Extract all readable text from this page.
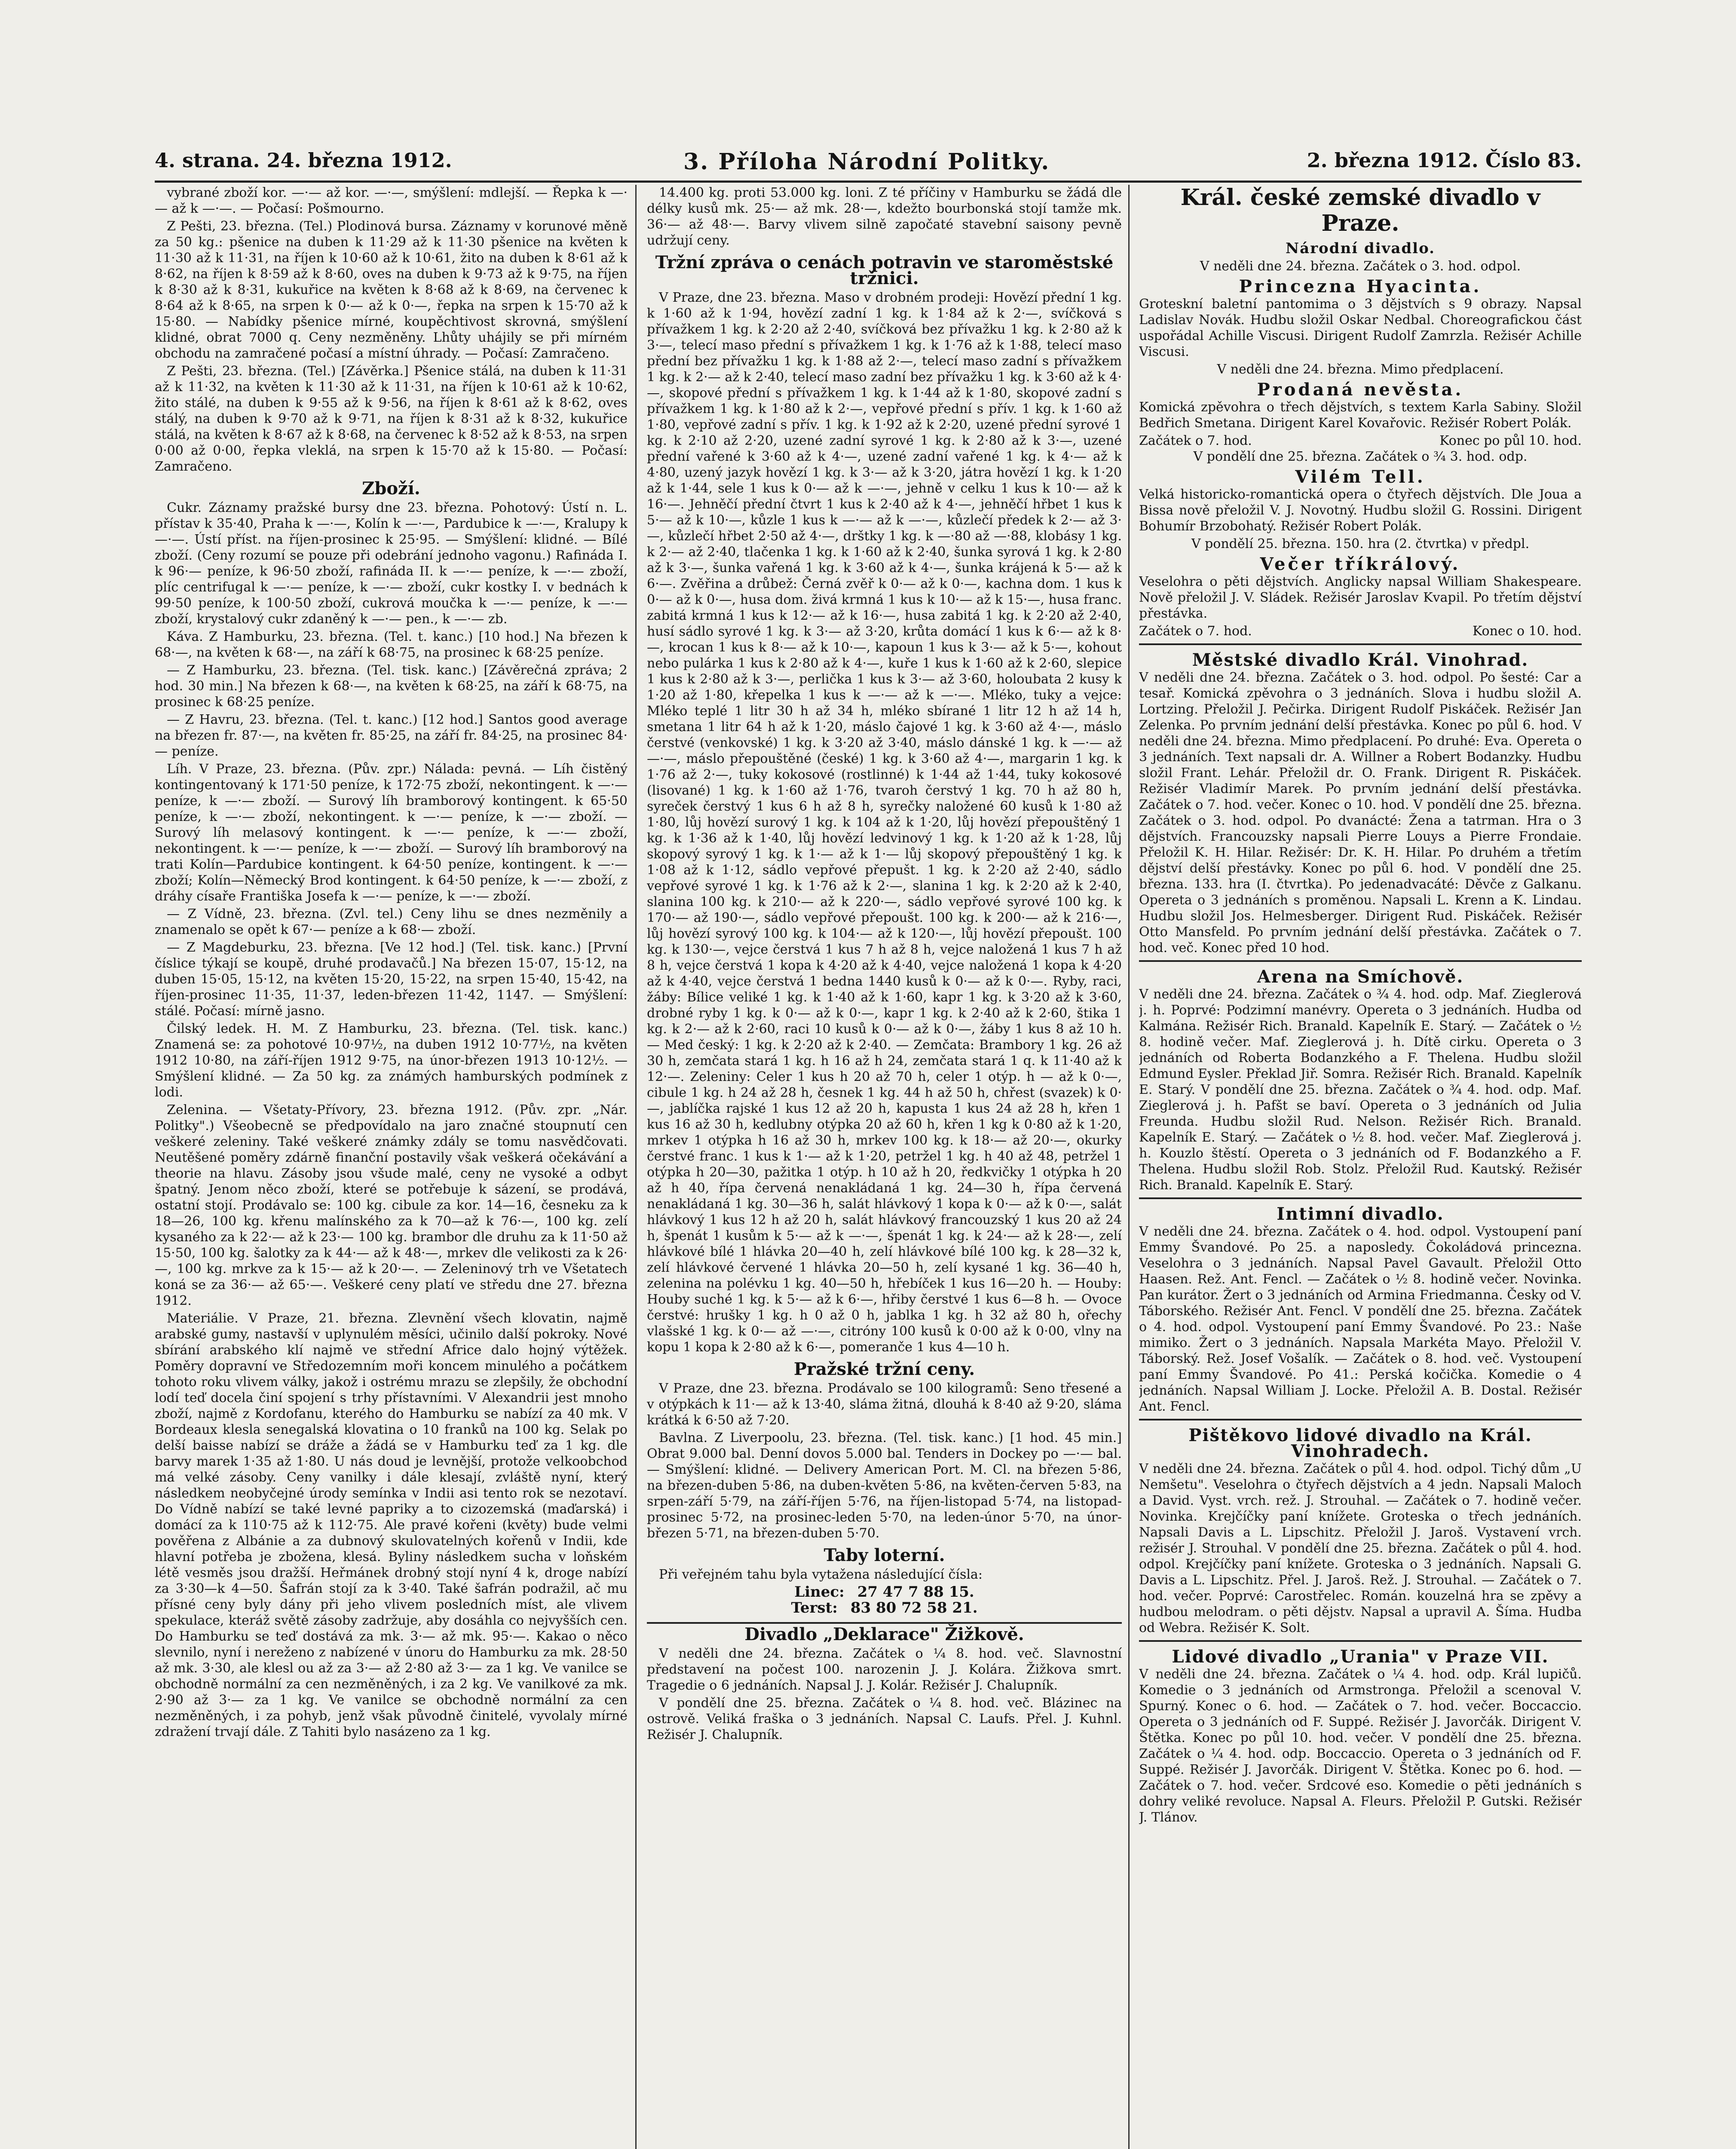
4. strana. 24. března 1912.	3. Příloha Národní Politky.	2. března 1912. Číslo 83.

vybrané zboží kor. —·— až kor. —·—, smýšlení: mdlejší. — Řepka k —·— až k —·—. — Počasí: Pošmourno.

Z Pešti, 23. března. (Tel.) Plodinová bursa. Záznamy v korunové měně za 50 kg.: pšenice na duben k 11·29 až k 11·30 pšenice na květen k 11·30 až k 11·31, na říjen k 10·60 až k 10·61, žito na duben k 8·61 až k 8·62, na říjen k 8·59 až k 8·60, oves na duben k 9·73 až k 9·75, na říjen k 8·30 až k 8·31, kukuřice na květen k 8·68 až k 8·69, na červenec k 8·64 až k 8·65, na srpen k 0·— až k 0·—, řepka na srpen k 15·70 až k 15·80. — Nabídky pšenice mírné, koupěchtivost skrovná, smýšlení klidné, obrat 7000 q. Ceny nezměněny. Lhůty uhájily se při mírném obchodu na zamračené počasí a místní úhrady. — Počasí: Zamračeno.

Z Pešti, 23. března. (Tel.) [Závěrka.] Pšenice stálá, na duben k 11·31 až k 11·32, na květen k 11·30 až k 11·31, na říjen k 10·61 až k 10·62, žito stálé, na duben k 9·55 až k 9·56, na říjen k 8·61 až k 8·62, oves stálý, na duben k 9·70 až k 9·71, na říjen k 8·31 až k 8·32, kukuřice stálá, na květen k 8·67 až k 8·68, na červenec k 8·52 až k 8·53, na srpen 0·00 až 0·00, řepka vleklá, na srpen k 15·70 až k 15·80. — Počasí: Zamračeno.

Zboží.

Cukr. Záznamy pražské bursy dne 23. března. Pohotový: Ústí n. L. přístav k 35·40, Praha k —·—, Kolín k —·—, Pardubice k —·—, Kralupy k —·—. Ústí příst. na říjen-prosinec k 25·95. — Smýšlení: klidné. — Bílé zboží. (Ceny rozumí se pouze při odebrání jednoho vagonu.) Rafináda I. k 96·— peníze, k 96·50 zboží, rafináda II. k —·— peníze, k —·— zboží, plíc centrifugal k —·— peníze, k —·— zboží, cukr kostky I. v bednách k 99·50 peníze, k 100·50 zboží, cukrová moučka k —·— peníze, k —·— zboží, krystalový cukr zdaněný k —·— pen., k —·— zb.

Káva. Z Hamburku, 23. března. (Tel. t. kanc.) [10 hod.] Na březen k 68·—, na květen k 68·—, na září k 68·75, na prosinec k 68·25 peníze.

— Z Hamburku, 23. března. (Tel. tisk. kanc.) [Závěrečná zpráva; 2 hod. 30 min.] Na březen k 68·—, na květen k 68·25, na září k 68·75, na prosinec k 68·25 peníze.

— Z Havru, 23. března. (Tel. t. kanc.) [12 hod.] Santos good average na březen fr. 87·—, na květen fr. 85·25, na září fr. 84·25, na prosinec 84·— peníze.

Líh. V Praze, 23. března. (Pův. zpr.) Nálada: pevná. — Líh čistěný kontingentovaný k 171·50 peníze, k 172·75 zboží, nekontingent. k —·— peníze, k —·— zboží. — Surový líh bramborový kontingent. k 65·50 peníze, k —·— zboží, nekontingent. k —·— peníze, k —·— zboží. — Surový líh melasový kontingent. k —·— peníze, k —·— zboží, nekontingent. k —·— peníze, k —·— zboží. — Surový líh bramborový na trati Kolín—Pardubice kontingent. k 64·50 peníze, kontingent. k —·— zboží; Kolín—Německý Brod kontingent. k 64·50 peníze, k —·— zboží, z dráhy císaře Františka Josefa k —·— peníze, k —·— zboží.

— Z Vídně, 23. března. (Zvl. tel.) Ceny lihu se dnes nezměnily a znamenalo se opět k 67·— peníze a k 68·— zboží.

— Z Magdeburku, 23. března. [Ve 12 hod.] (Tel. tisk. kanc.) [První číslice týkají se koupě, druhé prodavačů.] Na březen 15·07, 15·12, na duben 15·05, 15·12, na květen 15·20, 15·22, na srpen 15·40, 15·42, na říjen-prosinec 11·35, 11·37, leden-březen 11·42, 1147. — Smýšlení: stálé. Počasí: mírně jasno.

Čilský ledek. H. M. Z Hamburku, 23. března. (Tel. tisk. kanc.) Znamená se: za pohotové 10·97½, na duben 1912 10·77½, na květen 1912 10·80, na září-říjen 1912 9·75, na únor-březen 1913 10·12½. — Smýšlení klidné. — Za 50 kg. za známých hamburských podmínek z lodi.

Zelenina. — Všetaty-Přívory, 23. března 1912. (Pův. zpr. „Nár. Politky".) Všeobecně se předpovídalo na jaro značné stoupnutí cen veškeré zeleniny. Také veškeré známky zdály se tomu nasvědčovati. Neutěšené poměry zdárně finanční postavily však veškerá očekávání a theorie na hlavu. Zásoby jsou všude malé, ceny ne vysoké a odbyt špatný. Jenom něco zboží, které se potřebuje k sázení, se prodává, ostatní stojí. Prodávalo se: 100 kg. cibule za kor. 14—16, česneku za k 18—26, 100 kg. křenu malínského za k 70—až k 76·—, 100 kg. zelí kysaného za k 22·— až k 23·— 100 kg. brambor dle druhu za k 11·50 až 15·50, 100 kg. šalotky za k 44·— až k 48·—, mrkev dle velikosti za k 26·—, 100 kg. mrkve za k 15·— až k 20·—. — Zeleninový trh ve Všetatech koná se za 36·— až 65·—. Veškeré ceny platí ve středu dne 27. března 1912.

Materiálie. V Praze, 21. března. Zlevnění všech klovatin, najmě arabské gumy, nastavší v uplynulém měsíci, učinilo další pokroky. Nové sbírání arabského klí najmě ve střední Africe dalo hojný výtěžek. Poměry dopravní ve Středozemním moři koncem minulého a počátkem tohoto roku vlivem války, jakož i ostrému mrazu se zlepšily, že obchodní lodí teď docela činí spojení s trhy přístavními. V Alexandrii jest mnoho zboží, najmě z Kordofanu, kterého do Hamburku se nabízí za 40 mk. V Bordeaux klesla senegalská klovatina o 10 franků na 100 kg. Selak po delší baisse nabízí se dráže a žádá se v Hamburku teď za 1 kg. dle barvy marek 1·35 až 1·80. U nás doud je levnější, protože velkoobchod má velké zásoby. Ceny vanilky i dále klesají, zvláště nyní, který následkem neobyčejné úrody semínka v Indii asi tento rok se nezotaví. Do Vídně nabízí se také levné papriky a to cizozemská (maďarská) i domácí za k 110·75 až k 112·75. Ale pravé kořeni (květy) bude velmi pověřena z Albánie a za dubnový skulovatelných kořenů v Indii, kde hlavní potřeba je zbožena, klesá. Byliny následkem sucha v loňském létě vesměs jsou dražší. Heřmánek drobný stojí nyní 4 k, droge nabízí za 3·30—k 4—50. Šafrán stojí za k 3·40. Také šafrán podražil, ač mu přísné ceny byly dány při jeho vlivem posledních míst, ale vlivem spekulace, kteráž světě zásoby zadržuje, aby dosáhla co nejvyšších cen. Do Hamburku se teď dostává za mk. 3·— až mk. 95·—. Kakao o něco slevnilo, nyní i nereženo z nabízené v únoru do Hamburku za mk. 28·50 až mk. 3·30, ale klesl ou až za 3·— až 2·80 až 3·— za 1 kg. Ve vanilce se obchodně normální za cen nezměněných, i za 2 kg. Ve vanilkové za mk. 2·90 až 3·— za 1 kg. Ve vanilce se obchodně normální za cen nezměněných, i za pohyb, jenž však původně činitelé, vyvolaly mírné zdražení trvají dále. Z Tahiti bylo nasázeno za 1 kg.

14.400 kg. proti 53.000 kg. loni. Z té příčiny v Hamburku se žádá dle délky kusů mk. 25·— až mk. 28·—, kdežto bourbonská stojí tamže mk. 36·— až 48·—. Barvy vlivem silně započaté stavební saisony pevně udržují ceny.

Tržní zpráva o cenách potravin ve staroměstské tržnici.

V Praze, dne 23. března. Maso v drobném prodeji: Hovězí přední 1 kg. k 1·60 až k 1·94, hovězí zadní 1 kg. k 1·84 až k 2·—, svíčková s přívažkem 1 kg. k 2·20 až 2·40, svíčková bez přívažku 1 kg. k 2·80 až k 3·—, telecí maso přední s přívažkem 1 kg. k 1·76 až k 1·88, telecí maso přední bez přívažku 1 kg. k 1·88 až 2·—, telecí maso zadní s přívažkem 1 kg. k 2·— až k 2·40, telecí maso zadní bez přívažku 1 kg. k 3·60 až k 4·—, skopové přední s přívažkem 1 kg. k 1·44 až k 1·80, skopové zadní s přívažkem 1 kg. k 1·80 až k 2·—, vepřové přední s přív. 1 kg. k 1·60 až 1·80, vepřové zadní s přív. 1 kg. k 1·92 až k 2·20, uzené přední syrové 1 kg. k 2·10 až 2·20, uzené zadní syrové 1 kg. k 2·80 až k 3·—, uzené přední vařené k 3·60 až k 4·—, uzené zadní vařené 1 kg. k 4·— až k 4·80, uzený jazyk hovězí 1 kg. k 3·— až k 3·20, játra hovězí 1 kg. k 1·20 až k 1·44, sele 1 kus k 0·— až k —·—, jehně v celku 1 kus k 10·— až k 16·—. Jehněčí přední čtvrt 1 kus k 2·40 až k 4·—, jehněčí hřbet 1 kus k 5·— až k 10·—, kůzle 1 kus k —·— až k —·—, kůzlečí předek k 2·— až 3·—, kůzlečí hřbet 2·50 až 4·—, drštky 1 kg. k —·80 až —·88, klobásy 1 kg. k 2·— až 2·40, tlačenka 1 kg. k 1·60 až k 2·40, šunka syrová 1 kg. k 2·80 až k 3·—, šunka vařená 1 kg. k 3·60 až k 4·—, šunka krájená k 5·— až k 6·—. Zvěřina a drůbež: Černá zvěř k 0·— až k 0·—, kachna dom. 1 kus k 0·— až k 0·—, husa dom. živá krmná 1 kus k 10·— až k 15·—, husa franc. zabitá krmná 1 kus k 12·— až k 16·—, husa zabitá 1 kg. k 2·20 až 2·40, husí sádlo syrové 1 kg. k 3·— až 3·20, krůta domácí 1 kus k 6·— až k 8·—, krocan 1 kus k 8·— až k 10·—, kapoun 1 kus k 3·— až k 5·—, kohout nebo pulárka 1 kus k 2·80 až k 4·—, kuře 1 kus k 1·60 až k 2·60, slepice 1 kus k 2·80 až k 3·—, perlička 1 kus k 3·— až 3·60, holoubata 2 kusy k 1·20 až 1·80, křepelka 1 kus k —·— až k —·—. Mléko, tuky a vejce: Mléko teplé 1 litr 30 h až 34 h, mléko sbírané 1 litr 12 h až 14 h, smetana 1 litr 64 h až k 1·20, máslo čajové 1 kg. k 3·60 až 4·—, máslo čerstvé (venkovské) 1 kg. k 3·20 až 3·40, máslo dánské 1 kg. k —·— až —·—, máslo přepouštěné (české) 1 kg. k 3·60 až 4·—, margarin 1 kg. k 1·76 až 2·—, tuky kokosové (rostlinné) k 1·44 až 1·44, tuky kokosové (lisované) 1 kg. k 1·60 až 1·76, tvaroh čerstvý 1 kg. 70 h až 80 h, syreček čerstvý 1 kus 6 h až 8 h, syrečky naložené 60 kusů k 1·80 až 1·80, lůj hovězí surový 1 kg. k 104 až k 1·20, lůj hovězí přepouštěný 1 kg. k 1·36 až k 1·40, lůj hovězí ledvinový 1 kg. k 1·20 až k 1·28, lůj skopový syrový 1 kg. k 1·— až k 1·— lůj skopový přepouštěný 1 kg. k 1·08 až k 1·12, sádlo vepřové přepušt. 1 kg. k 2·20 až 2·40, sádlo vepřové syrové 1 kg. k 1·76 až k 2·—, slanina 1 kg. k 2·20 až k 2·40, slanina 100 kg. k 210·— až k 220·—, sádlo vepřové syrové 100 kg. k 170·— až 190·—, sádlo vepřové přepoušt. 100 kg. k 200·— až k 216·—, lůj hovězí syrový 100 kg. k 104·— až k 120·—, lůj hovězí přepoušt. 100 kg. k 130·—, vejce čerstvá 1 kus 7 h až 8 h, vejce naložená 1 kus 7 h až 8 h, vejce čerstvá 1 kopa k 4·20 až k 4·40, vejce naložená 1 kopa k 4·20 až k 4·40, vejce čerstvá 1 bedna 1440 kusů k 0·— až k 0·—. Ryby, raci, žáby: Bílice veliké 1 kg. k 1·40 až k 1·60, kapr 1 kg. k 3·20 až k 3·60, drobné ryby 1 kg. k 0·— až k 0·—, kapr 1 kg. k 2·40 až k 2·60, štika 1 kg. k 2·— až k 2·60, raci 10 kusů k 0·— až k 0·—, žáby 1 kus 8 až 10 h. — Med český: 1 kg. k 2·20 až k 2·40. — Zemčata: Brambory 1 kg. 26 až 30 h, zemčata stará 1 kg. h 16 až h 24, zemčata stará 1 q. k 11·40 až k 12·—. Zeleniny: Celer 1 kus h 20 až 70 h, celer 1 otýp. h — až k 0·—, cibule 1 kg. h 24 až 28 h, česnek 1 kg. 44 h až 50 h, chřest (svazek) k 0·—, jablíčka rajské 1 kus 12 až 20 h, kapusta 1 kus 24 až 28 h, křen 1 kus 16 až 30 h, kedlubny otýpka 20 až 60 h, křen 1 kg k 0·80 až k 1·20, mrkev 1 otýpka h 16 až 30 h, mrkev 100 kg. k 18·— až 20·—, okurky čerstvé franc. 1 kus k 1·— až k 1·20, petržel 1 kg. h 40 až 48, petržel 1 otýpka h 20—30, pažitka 1 otýp. h 10 až h 20, ředkvičky 1 otýpka h 20 až h 40, řípa červená nenakládaná 1 kg. 24—30 h, řípa červená nenakládaná 1 kg. 30—36 h, salát hlávkový 1 kopa k 0·— až k 0·—, salát hlávkový 1 kus 12 h až 20 h, salát hlávkový francouzský 1 kus 20 až 24 h, špenát 1 kusům k 5·— až k —·—, špenát 1 kg. k 24·— až k 28·—, zelí hlávkové bílé 1 hlávka 20—40 h, zelí hlávkové bílé 100 kg. k 28—32 k, zelí hlávkové červené 1 hlávka 20—50 h, zelí kysané 1 kg. 36—40 h, zelenina na polévku 1 kg. 40—50 h, hřebíček 1 kus 16—20 h. — Houby: Houby suché 1 kg. k 5·— až k 6·—, hřiby čerstvé 1 kus 6—8 h. — Ovoce čerstvé: hrušky 1 kg. h 0 až 0 h, jablka 1 kg. h 32 až 80 h, ořechy vlašské 1 kg. k 0·— až —·—, citróny 100 kusů k 0·00 až k 0·00, vlny na kopu 1 kopa k 2·80 až k 6·—, pomeranče 1 kus 4—10 h.

Pražské tržní ceny.

V Praze, dne 23. března. Prodávalo se 100 kilogramů: Seno třesené a v otýpkách k 11·— až k 13·40, sláma žitná, dlouhá k 8·40 až 9·20, sláma krátká k 6·50 až 7·20.

Bavlna. Z Liverpoolu, 23. března. (Tel. tisk. kanc.) [1 hod. 45 min.] Obrat 9.000 bal. Denní dovos 5.000 bal. Tenders in Dockey po —·— bal. — Smýšlení: klidné. — Delivery American Port. M. Cl. na březen 5·86, na březen-duben 5·86, na duben-květen 5·86, na květen-červen 5·83, na srpen-září 5·79, na září-říjen 5·76, na říjen-listopad 5·74, na listopad-prosinec 5·72, na prosinec-leden 5·70, na leden-únor 5·70, na únor-březen 5·71, na březen-duben 5·70.

Taby loterní.

Při veřejném tahu byla vytažena následující čísla:

Linec: 27 47 7 88 15.
Terst: 83 80 72 58 21.
Divadlo „Deklarace" Žižkově.

V neděli dne 24. března. Začátek o ¼ 8. hod. več. Slavnostní představení na počest 100. narozenin J. J. Kolára. Žižkova smrt. Tragedie o 6 jednáních. Napsal J. J. Kolár. Režisér J. Chalupník.

V pondělí dne 25. března. Začátek o ¼ 8. hod. več. Blázinec na ostrově. Veliká fraška o 3 jednáních. Napsal C. Laufs. Přel. J. Kuhnl. Režisér J. Chalupník.

Král. české zemské divadlo v Praze.
Národní divadlo.

V neděli dne 24. března. Začátek o 3. hod. odpol.

Princezna Hyacinta.

Groteskní baletní pantomima o 3 dějstvích s 9 obrazy. Napsal Ladislav Novák. Hudbu složil Oskar Nedbal. Choreografickou část uspořádal Achille Viscusi. Dirigent Rudolf Zamrzla. Režisér Achille Viscusi.

V neděli dne 24. března. Mimo předplacení.

Prodaná nevěsta.

Komická zpěvohra o třech dějstvích, s textem Karla Sabiny. Složil Bedřich Smetana. Dirigent Karel Kovařovic. Režisér Robert Polák.

Začátek o 7. hod.	Konec po půl 10. hod.

V pondělí dne 25. března. Začátek o ¾ 3. hod. odp.

Vilém Tell.

Velká historicko-romantická opera o čtyřech dějstvích. Dle Joua a Bissa nově přeložil V. J. Novotný. Hudbu složil G. Rossini. Dirigent Bohumír Brzobohatý. Režisér Robert Polák.

V pondělí 25. března. 150. hra (2. čtvrtka) v předpl.

Večer tříkrálový.

Veselohra o pěti dějstvích. Anglicky napsal William Shakespeare. Nově přeložil J. V. Sládek. Režisér Jaroslav Kvapil. Po třetím dějství přestávka.

Začátek o 7. hod.	Konec o 10. hod.
Městské divadlo Král. Vinohrad.

V neděli dne 24. března. Začátek o 3. hod. odpol. Po šesté: Car a tesař. Komická zpěvohra o 3 jednáních. Slova i hudbu složil A. Lortzing. Přeložil J. Pečirka. Dirigent Rudolf Piskáček. Režisér Jan Zelenka. Po prvním jednání delší přestávka. Konec po půl 6. hod. V neděli dne 24. března. Mimo předplacení. Po druhé: Eva. Opereta o 3 jednáních. Text napsali dr. A. Willner a Robert Bodanzky. Hudbu složil Frant. Lehár. Přeložil dr. O. Frank. Dirigent R. Piskáček. Režisér Vladimír Marek. Po prvním jednání delší přestávka. Začátek o 7. hod. večer. Konec o 10. hod. V pondělí dne 25. března. Začátek o 3. hod. odpol. Po dvanácté: Žena a tatrman. Hra o 3 dějstvích. Francouzsky napsali Pierre Louys a Pierre Frondaie. Přeložil K. H. Hilar. Režisér: Dr. K. H. Hilar. Po druhém a třetím dějství delší přestávky. Konec po půl 6. hod. V pondělí dne 25. března. 133. hra (I. čtvrtka). Po jedenadvacáté: Děvče z Galkanu. Opereta o 3 jednáních s proměnou. Napsali L. Krenn a K. Lindau. Hudbu složil Jos. Helmesberger. Dirigent Rud. Piskáček. Režisér Otto Mansfeld. Po prvním jednání delší přestávka. Začátek o 7. hod. več. Konec před 10 hod.

Arena na Smíchově.

V neděli dne 24. března. Začátek o ¾ 4. hod. odp. Maf. Zieglerová j. h. Poprvé: Podzimní manévry. Opereta o 3 jednáních. Hudba od Kalmána. Režisér Rich. Branald. Kapelník E. Starý. — Začátek o ½ 8. hodině večer. Maf. Zieglerová j. h. Dítě cirku. Opereta o 3 jednáních od Roberta Bodanzkého a F. Thelena. Hudbu složil Edmund Eysler. Překlad Jiř. Somra. Režisér Rich. Branald. Kapelník E. Starý. V pondělí dne 25. března. Začátek o ¾ 4. hod. odp. Maf. Zieglerová j. h. Pafšt se baví. Opereta o 3 jednáních od Julia Freunda. Hudbu složil Rud. Nelson. Režisér Rich. Branald. Kapelník E. Starý. — Začátek o ½ 8. hod. večer. Maf. Zieglerová j. h. Kouzlo štěstí. Opereta o 3 jednáních od F. Bodanzkého a F. Thelena. Hudbu složil Rob. Stolz. Přeložil Rud. Kautský. Režisér Rich. Branald. Kapelník E. Starý.

Intimní divadlo.

V neděli dne 24. března. Začátek o 4. hod. odpol. Vystoupení paní Emmy Švandové. Po 25. a naposledy. Čokoládová princezna. Veselohra o 3 jednáních. Napsal Pavel Gavault. Přeložil Otto Haasen. Rež. Ant. Fencl. — Začátek o ½ 8. hodině večer. Novinka. Pan kurátor. Žert o 3 jednáních od Armina Friedmanna. Česky od V. Táborského. Režisér Ant. Fencl. V pondělí dne 25. března. Začátek o 4. hod. odpol. Vystoupení paní Emmy Švandové. Po 23.: Naše mimiko. Žert o 3 jednáních. Napsala Markéta Mayo. Přeložil V. Táborský. Rež. Josef Vošalík. — Začátek o 8. hod. več. Vystoupení paní Emmy Švandové. Po 41.: Perská kočička. Komedie o 4 jednáních. Napsal William J. Locke. Přeložil A. B. Dostal. Režisér Ant. Fencl.

Pištěkovo lidové divadlo na Král. Vinohradech.

V neděli dne 24. března. Začátek o půl 4. hod. odpol. Tichý dům „U Nemšetu". Veselohra o čtyřech dějstvích a 4 jedn. Napsali Maloch a David. Vyst. vrch. rež. J. Strouhal. — Začátek o 7. hodině večer. Novinka. Krejčíčky paní knížete. Groteska o třech jednáních. Napsali Davis a L. Lipschitz. Přeložil J. Jaroš. Vystavení vrch. režisér J. Strouhal. V pondělí dne 25. března. Začátek o půl 4. hod. odpol. Krejčíčky paní knížete. Groteska o 3 jednáních. Napsali G. Davis a L. Lipschitz. Přel. J. Jaroš. Rež. J. Strouhal. — Začátek o 7. hod. večer. Poprvé: Carostřelec. Román. kouzelná hra se zpěvy a hudbou melodram. o pěti dějstv. Napsal a upravil A. Šíma. Hudba od Webra. Režisér K. Solt.

Lidové divadlo „Urania" v Praze VII.

V neděli dne 24. března. Začátek o ¼ 4. hod. odp. Král lupičů. Komedie o 3 jednáních od Armstronga. Přeložil a scenoval V. Spurný. Konec o 6. hod. — Začátek o 7. hod. večer. Boccaccio. Opereta o 3 jednáních od F. Suppé. Režisér J. Javorčák. Dirigent V. Štětka. Konec po půl 10. hod. večer. V pondělí dne 25. března. Začátek o ¼ 4. hod. odp. Boccaccio. Opereta o 3 jednáních od F. Suppé. Režisér J. Javorčák. Dirigent V. Štětka. Konec po 6. hod. — Začátek o 7. hod. večer. Srdcové eso. Komedie o pěti jednáních s dohry veliké revoluce. Napsal A. Fleurs. Přeložil P. Gutski. Režisér J. Tlánov.
